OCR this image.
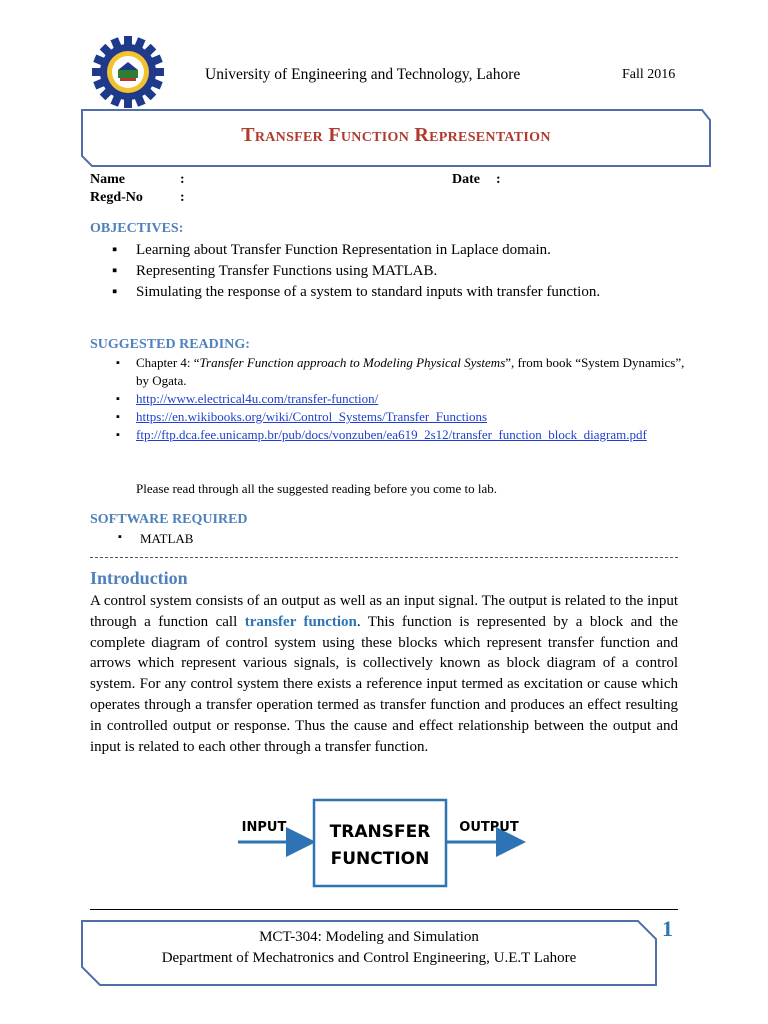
University of Engineering and Technology, Lahore	Fall 2016
Transfer Function Representation
Name	:	Date :
Regd-No	:
OBJECTIVES:
▪ Learning about Transfer Function Representation in Laplace domain.
▪ Representing Transfer Functions using MATLAB.
▪ Simulating the response of a system to standard inputs with transfer function.
SUGGESTED READING:
▪ Chapter 4: “Transfer Function approach to Modeling Physical Systems”, from book “System Dynamics”, by Ogata.
▪ http://www.electrical4u.com/transfer-function/
▪ https://en.wikibooks.org/wiki/Control_Systems/Transfer_Functions
▪ ftp://ftp.dca.fee.unicamp.br/pub/docs/vonzuben/ea619_2s12/transfer_function_block_diagram.pdf
Please read through all the suggested reading before you come to lab.
SOFTWARE REQUIRED
▪ MATLAB
Introduction
A control system consists of an output as well as an input signal. The output is related to the input through a function call transfer function. This function is represented by a block and the complete diagram of control system using these blocks which represent transfer function and arrows which represent various signals, is collectively known as block diagram of a control system. For any control system there exists a reference input termed as excitation or cause which operates through a transfer operation termed as transfer function and produces an effect resulting in controlled output or response. Thus the cause and effect relationship between the output and input is related to each other through a transfer function.
INPUT	OUTPUT
TRANSFER
FUNCTION
MCT-304: Modeling and Simulation
Department of Mechatronics and Control Engineering, U.E.T Lahore
1
